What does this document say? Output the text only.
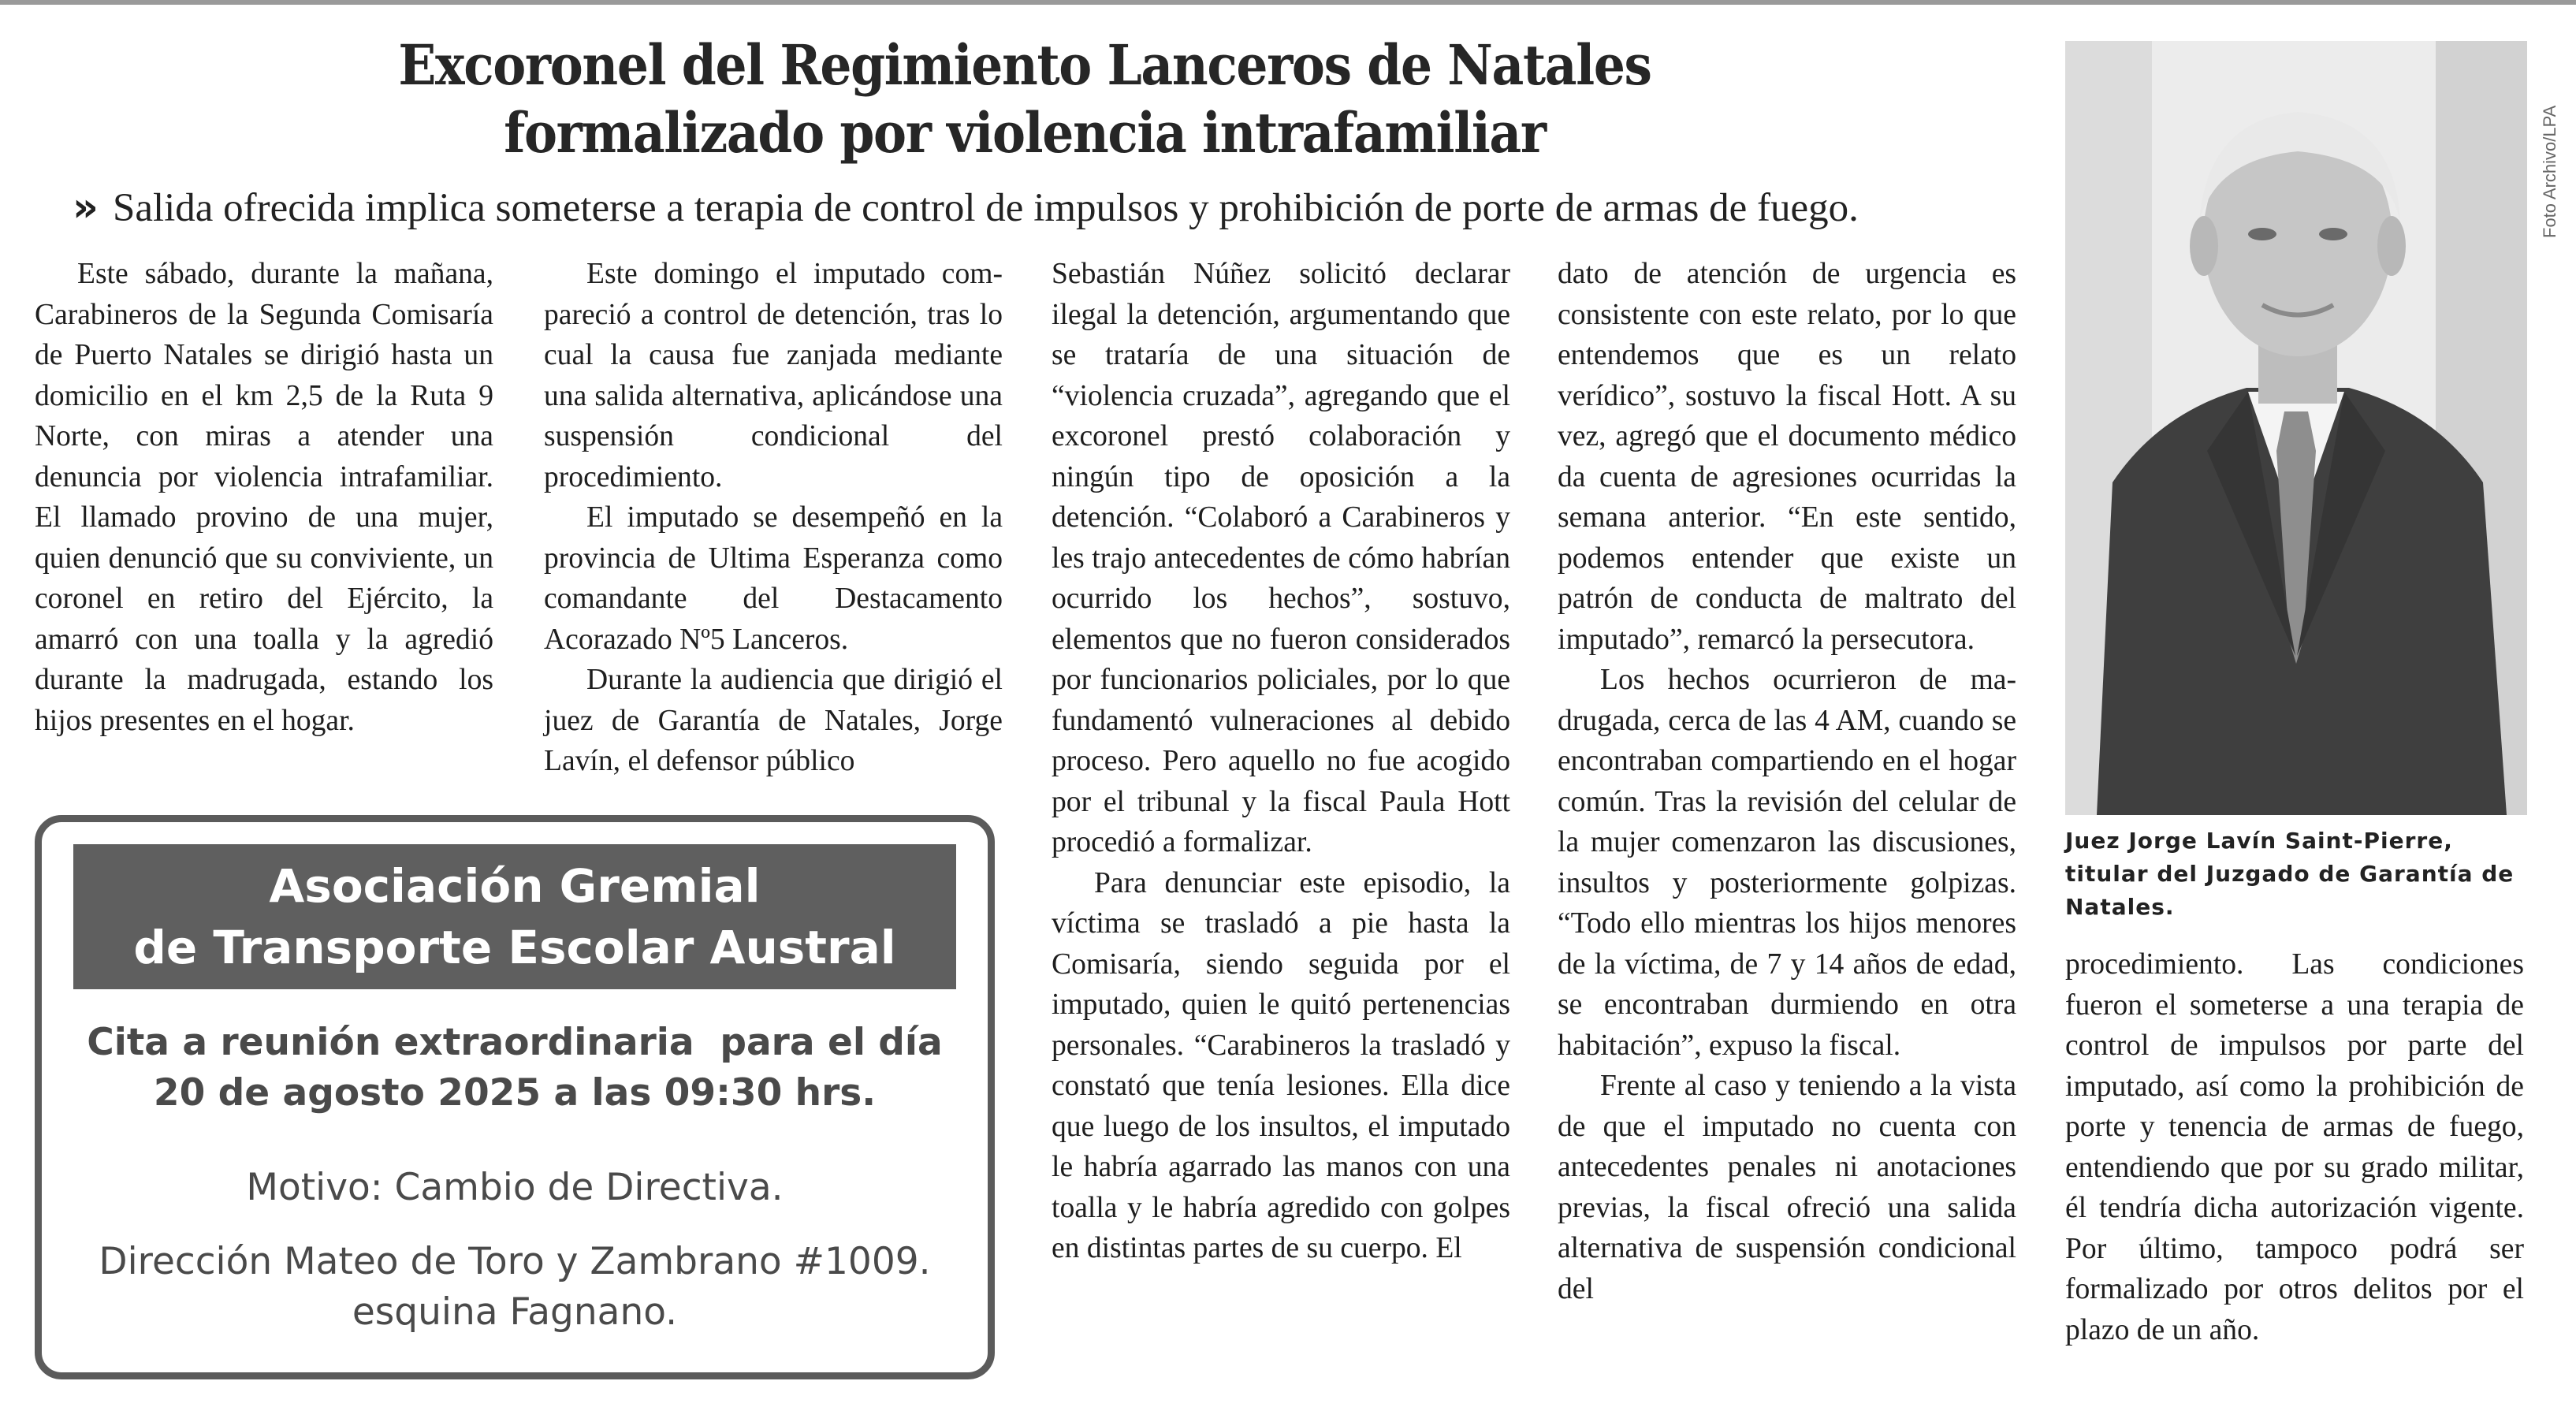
Excoronel del Regimiento Lanceros de Natales
formalizado por violencia intrafamiliar
» Salida ofrecida implica someterse a terapia de control de impulsos y prohibición de porte de armas de fuego.

Este sábado, durante la mañana, Carabineros de la Segunda Comisaría de Puerto Natales se dirigió hasta un domicilio en el km 2,5 de la Ruta 9 Norte, con miras a atender una denuncia por violencia intrafamiliar. El llamado provino de una mujer, quien denunció que su conviviente, un coronel en retiro del Ejército, la amarró con una toalla y la agredió durante la madrugada, estando los hijos presentes en el hogar.

Este domingo el imputado compareció a control de detención, tras lo cual la causa fue zanjada mediante una salida alternativa, aplicándose una suspensión condicional del procedimiento.

El imputado se desempeñó en la provincia de Ultima Esperanza como comandante del Destacamento Acorazado Nº5 Lanceros.

Durante la audiencia que dirigió el juez de Garantía de Natales, Jorge Lavín, el defensor público

Sebastián Núñez solicitó declarar ilegal la detención, argumentando que se trataría de una situación de “violencia cruzada”, agregando que el excoronel prestó colaboración y ningún tipo de oposición a la detención. “Colaboró a Carabineros y les trajo antecedentes de cómo habrían ocurrido los hechos”, sostuvo, elementos que no fueron considerados por funcionarios policiales, por lo que fundamentó vulneraciones al debido proceso. Pero aquello no fue acogido por el tribunal y la fiscal Paula Hott procedió a formalizar.

Para denunciar este episodio, la víctima se trasladó a pie hasta la Comisaría, siendo seguida por el imputado, quien le quitó pertenencias personales. “Carabineros la trasladó y constató que tenía lesiones. Ella dice que luego de los insultos, el imputado le habría agarrado las manos con una toalla y le habría agredido con golpes en distintas partes de su cuerpo. El

dato de atención de urgencia es consistente con este relato, por lo que entendemos que es un relato verídico”, sostuvo la fiscal Hott. A su vez, agregó que el documento médico da cuenta de agresiones ocurridas la semana anterior. “En este sentido, podemos entender que existe un patrón de conducta de maltrato del imputado”, remarcó la persecutora.

Los hechos ocurrieron de madrugada, cerca de las 4 AM, cuando se encontraban compartiendo en el hogar común. Tras la revisión del celular de la mujer comenzaron las discusiones, insultos y posteriormente golpizas. “Todo ello mientras los hijos menores de la víctima, de 7 y 14 años de edad, se encontraban durmiendo en otra habitación”, expuso la fiscal.

Frente al caso y teniendo a la vista de que el imputado no cuenta con antecedentes penales ni anotaciones previas, la fiscal ofreció una salida alternativa de suspensión condicional del

procedimiento. Las condiciones fueron el someterse a una terapia de control de impulsos por parte del imputado, así como la prohibición de porte y tenencia de armas de fuego, entendiendo que por su grado militar, él tendría dicha autorización vigente. Por último, tampoco podrá ser formalizado por otros delitos por el plazo de un año.

Asociación Gremial
de Transporte Escolar Austral
Cita a reunión extraordinaria  para el día
20 de agosto 2025 a las 09:30 hrs.
Motivo: Cambio de Directiva.
Dirección Mateo de Toro y Zambrano #1009.
esquina Fagnano.
Foto Archivo/LPA
Juez Jorge Lavín Saint-Pierre,
titular del Juzgado de Garantía de
Natales.
